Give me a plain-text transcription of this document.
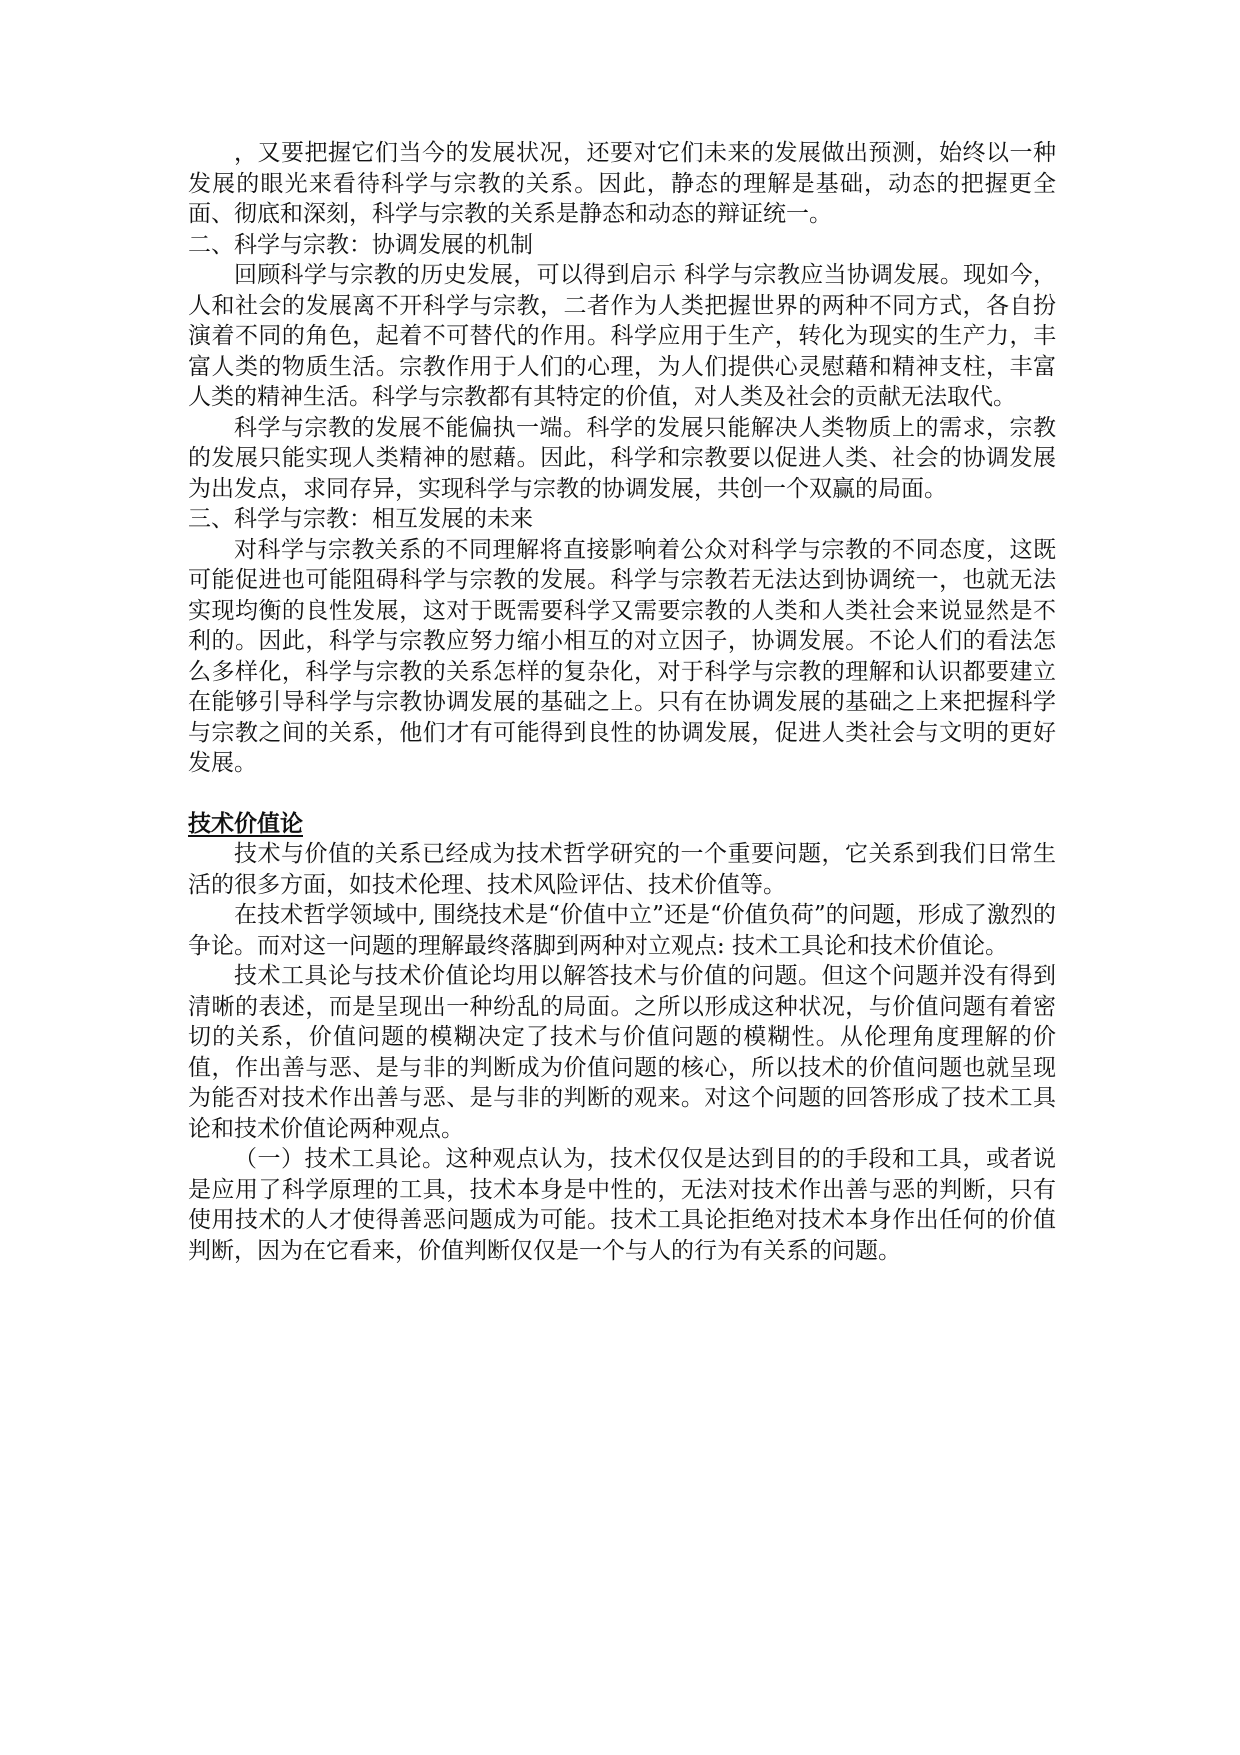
，又要把握它们当今的发展状况，还要对它们未来的发展做出预测，始终以一种发展的眼光来看待科学与宗教的关系。因此，静态的理解是基础，动态的把握更全面、彻底和深刻，科学与宗教的关系是静态和动态的辩证统一。

二、科学与宗教：协调发展的机制

回顾科学与宗教的历史发展，可以得到启示 科学与宗教应当协调发展。现如今，人和社会的发展离不开科学与宗教，二者作为人类把握世界的两种不同方式，各自扮演着不同的角色，起着不可替代的作用。科学应用于生产，转化为现实的生产力，丰富人类的物质生活。宗教作用于人们的心理，为人们提供心灵慰藉和精神支柱，丰富人类的精神生活。科学与宗教都有其特定的价值，对人类及社会的贡献无法取代。

科学与宗教的发展不能偏执一端。科学的发展只能解决人类物质上的需求，宗教的发展只能实现人类精神的慰藉。因此，科学和宗教要以促进人类、社会的协调发展为出发点，求同存异，实现科学与宗教的协调发展，共创一个双赢的局面。

三、科学与宗教：相互发展的未来

对科学与宗教关系的不同理解将直接影响着公众对科学与宗教的不同态度，这既可能促进也可能阻碍科学与宗教的发展。科学与宗教若无法达到协调统一，也就无法实现均衡的良性发展，这对于既需要科学又需要宗教的人类和人类社会来说显然是不利的。因此，科学与宗教应努力缩小相互的对立因子，协调发展。不论人们的看法怎么多样化，科学与宗教的关系怎样的复杂化，对于科学与宗教的理解和认识都要建立在能够引导科学与宗教协调发展的基础之上。只有在协调发展的基础之上来把握科学与宗教之间的关系，他们才有可能得到良性的协调发展，促进人类社会与文明的更好发展。

技术价值论

技术与价值的关系已经成为技术哲学研究的一个重要问题，它关系到我们日常生活的很多方面，如技术伦理、技术风险评估、技术价值等。

在技术哲学领域中, 围绕技术是“价值中立”还是“价值负荷”的问题，形成了激烈的争论。而对这一问题的理解最终落脚到两种对立观点: 技术工具论和技术价值论。

技术工具论与技术价值论均用以解答技术与价值的问题。但这个问题并没有得到清晰的表述，而是呈现出一种纷乱的局面。之所以形成这种状况，与价值问题有着密切的关系，价值问题的模糊决定了技术与价值问题的模糊性。从伦理角度理解的价值，作出善与恶、是与非的判断成为价值问题的核心，所以技术的价值问题也就呈现为能否对技术作出善与恶、是与非的判断的观来。对这个问题的回答形成了技术工具论和技术价值论两种观点。

（一）技术工具论。这种观点认为，技术仅仅是达到目的的手段和工具，或者说是应用了科学原理的工具，技术本身是中性的，无法对技术作出善与恶的判断，只有使用技术的人才使得善恶问题成为可能。技术工具论拒绝对技术本身作出任何的价值判断，因为在它看来，价值判断仅仅是一个与人的行为有关系的问题。
